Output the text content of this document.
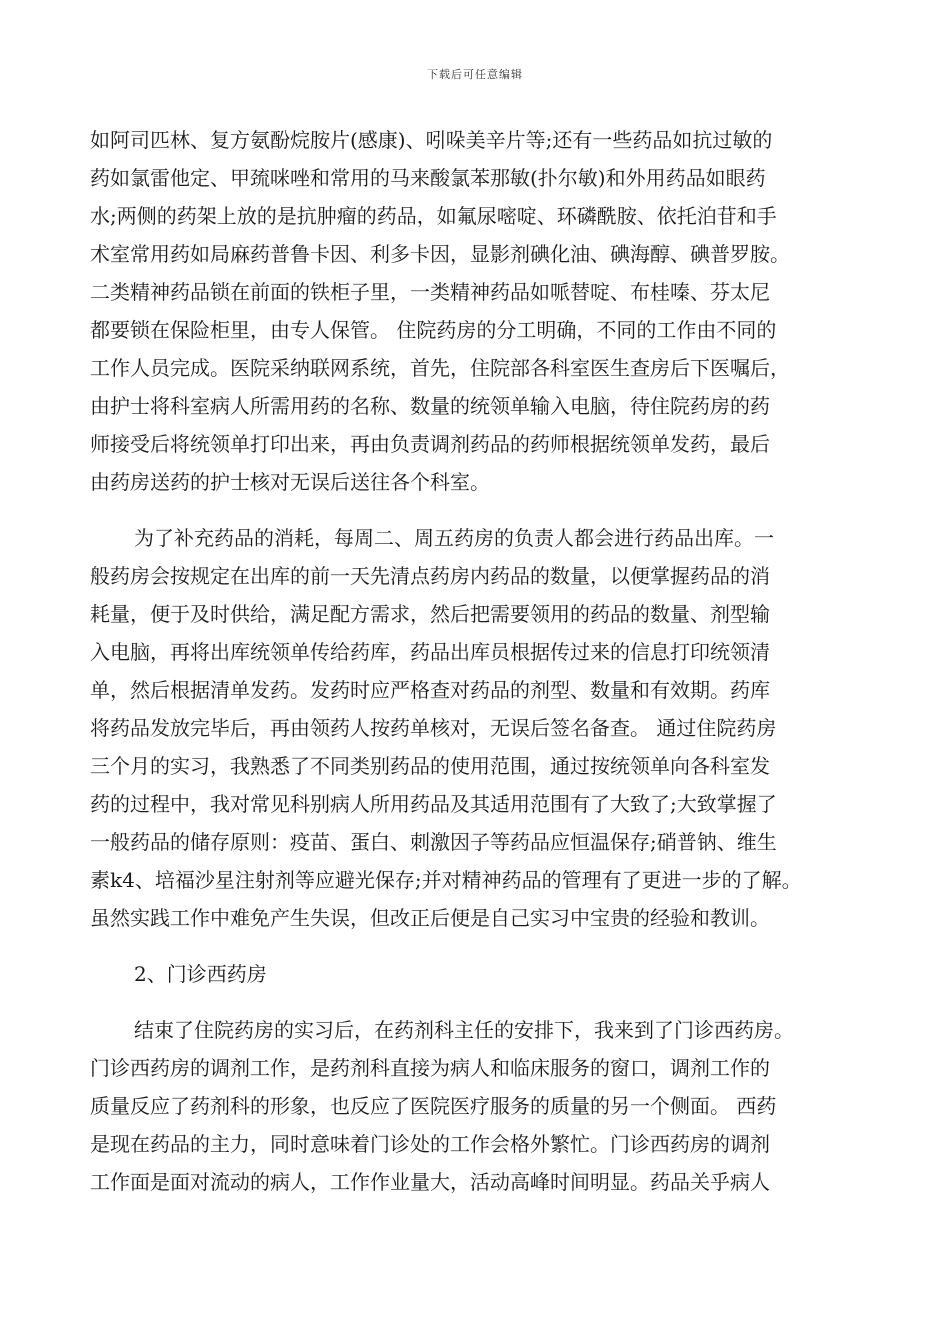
下载后可任意编辑
如阿司匹林、复方氨酚烷胺片(感康)、吲哚美辛片等;还有一些药品如抗过敏的
药如氯雷他定、甲巯咪唑和常用的马来酸氯苯那敏(扑尔敏)和外用药品如眼药
水;两侧的药架上放的是抗肿瘤的药品，如氟尿嘧啶、环磷酰胺、依托泊苷和手
术室常用药如局麻药普鲁卡因、利多卡因，显影剂碘化油、碘海醇、碘普罗胺。
二类精神药品锁在前面的铁柜子里，一类精神药品如哌替啶、布桂嗪、芬太尼
都要锁在保险柜里，由专人保管。 住院药房的分工明确，不同的工作由不同的
工作人员完成。医院采纳联网系统，首先，住院部各科室医生查房后下医嘱后，
由护士将科室病人所需用药的名称、数量的统领单输入电脑，待住院药房的药
师接受后将统领单打印出来，再由负责调剂药品的药师根据统领单发药，最后
由药房送药的护士核对无误后送往各个科室。
为了补充药品的消耗，每周二、周五药房的负责人都会进行药品出库。一
般药房会按规定在出库的前一天先清点药房内药品的数量，以便掌握药品的消
耗量，便于及时供给，满足配方需求，然后把需要领用的药品的数量、剂型输
入电脑，再将出库统领单传给药库，药品出库员根据传过来的信息打印统领清
单，然后根据清单发药。发药时应严格查对药品的剂型、数量和有效期。药库
将药品发放完毕后，再由领药人按药单核对，无误后签名备查。 通过住院药房
三个月的实习，我熟悉了不同类别药品的使用范围，通过按统领单向各科室发
药的过程中，我对常见科别病人所用药品及其适用范围有了大致了;大致掌握了
一般药品的储存原则：疫苗、蛋白、刺激因子等药品应恒温保存;硝普钠、维生
素k4、培福沙星注射剂等应避光保存;并对精神药品的管理有了更进一步的了解。
虽然实践工作中难免产生失误，但改正后便是自己实习中宝贵的经验和教训。
2、门诊西药房
结束了住院药房的实习后，在药剂科主任的安排下，我来到了门诊西药房。
门诊西药房的调剂工作，是药剂科直接为病人和临床服务的窗口，调剂工作的
质量反应了药剂科的形象，也反应了医院医疗服务的质量的另一个侧面。 西药
是现在药品的主力，同时意味着门诊处的工作会格外繁忙。门诊西药房的调剂
工作面是面对流动的病人，工作作业量大，活动高峰时间明显。药品关乎病人
